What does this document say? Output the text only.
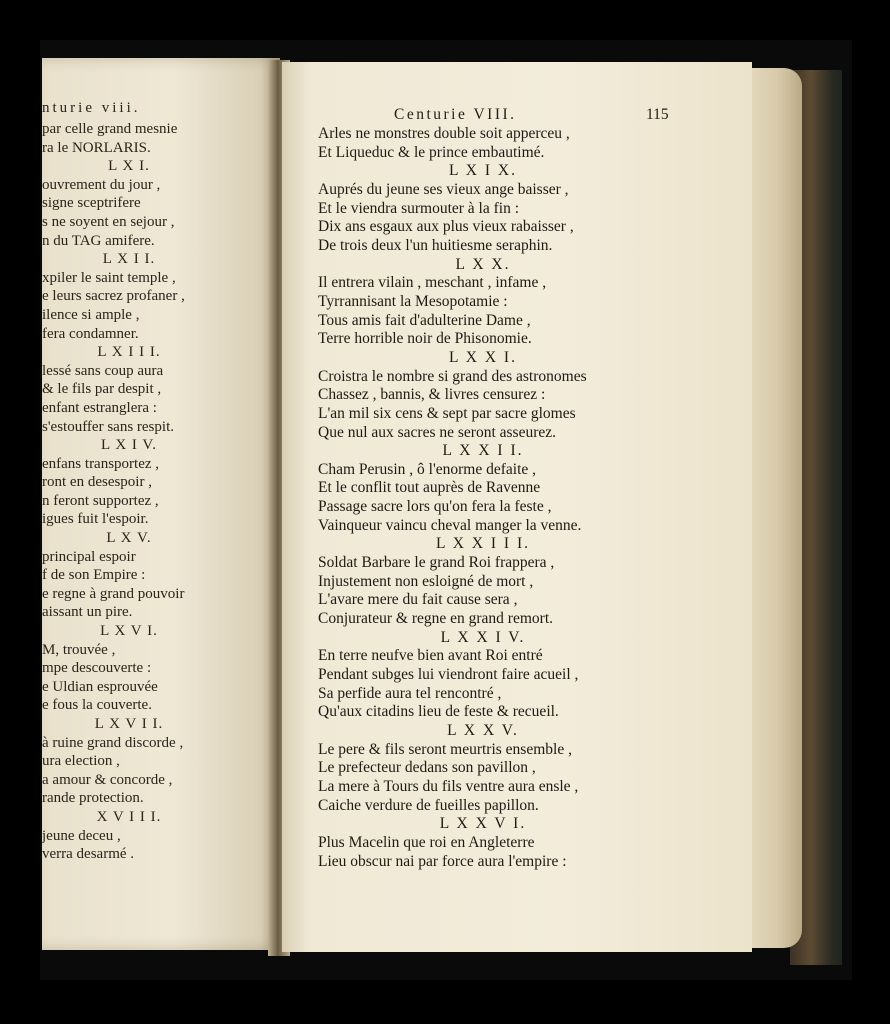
nturie viii.
par celle grand mesnie
ra le NORLARIS.
L X I.
ouvrement du jour ,
signe sceptrifere
s ne soyent en sejour ,
n du TAG amifere.
L X I I.
xpiler le saint temple ,
e leurs sacrez profaner ,
ilence si ample ,
fera condamner.
L X I I I.
lessé sans coup aura
& le fils par despit ,
enfant estranglera :
s'estouffer sans respit.
L X I V.
enfans transportez ,
ront en desespoir ,
n feront supportez ,
igues fuit l'espoir.
L X V.
principal espoir
f de son Empire :
e regne à grand pouvoir
aissant un pire.
L X V I.
M, trouvée ,
mpe descouverte :
e Uldian esprouvée
e fous la couverte.
L X V I I.
à ruine grand discorde ,
ura election ,
a amour & concorde ,
rande protection.
X V I I I.
jeune deceu ,
verra desarmé .
Centurie VIII.	115
Arles ne monstres double soit apperceu ,
Et Liqueduc & le prince embautimé.
L X I X.
Auprés du jeune ses vieux ange baisser ,
Et le viendra surmouter à la fin :
Dix ans esgaux aux plus vieux rabaisser ,
De trois deux l'un huitiesme seraphin.
L X X.
Il entrera vilain , meschant , infame ,
Tyrrannisant la Mesopotamie :
Tous amis fait d'adulterine Dame ,
Terre horrible noir de Phisonomie.
L X X I.
Croistra le nombre si grand des astronomes
Chassez , bannis, & livres censurez :
L'an mil six cens & sept par sacre glomes
Que nul aux sacres ne seront asseurez.
L X X I I.
Cham Perusin , ô l'enorme defaite ,
Et le conflit tout auprès de Ravenne
Passage sacre lors qu'on fera la feste ,
Vainqueur vaincu cheval manger la venne.
L X X I I I.
Soldat Barbare le grand Roi frappera ,
Injustement non esloigné de mort ,
L'avare mere du fait cause sera ,
Conjurateur & regne en grand remort.
L X X I V.
En terre neufve bien avant Roi entré
Pendant subges lui viendront faire acueil ,
Sa perfide aura tel rencontré ,
Qu'aux citadins lieu de feste & recueil.
L X X V.
Le pere & fils seront meurtris ensemble ,
Le prefecteur dedans son pavillon ,
La mere à Tours du fils ventre aura ensle ,
Caiche verdure de fueilles papillon.
L X X V I.
Plus Macelin que roi en Angleterre
Lieu obscur nai par force aura l'empire :
